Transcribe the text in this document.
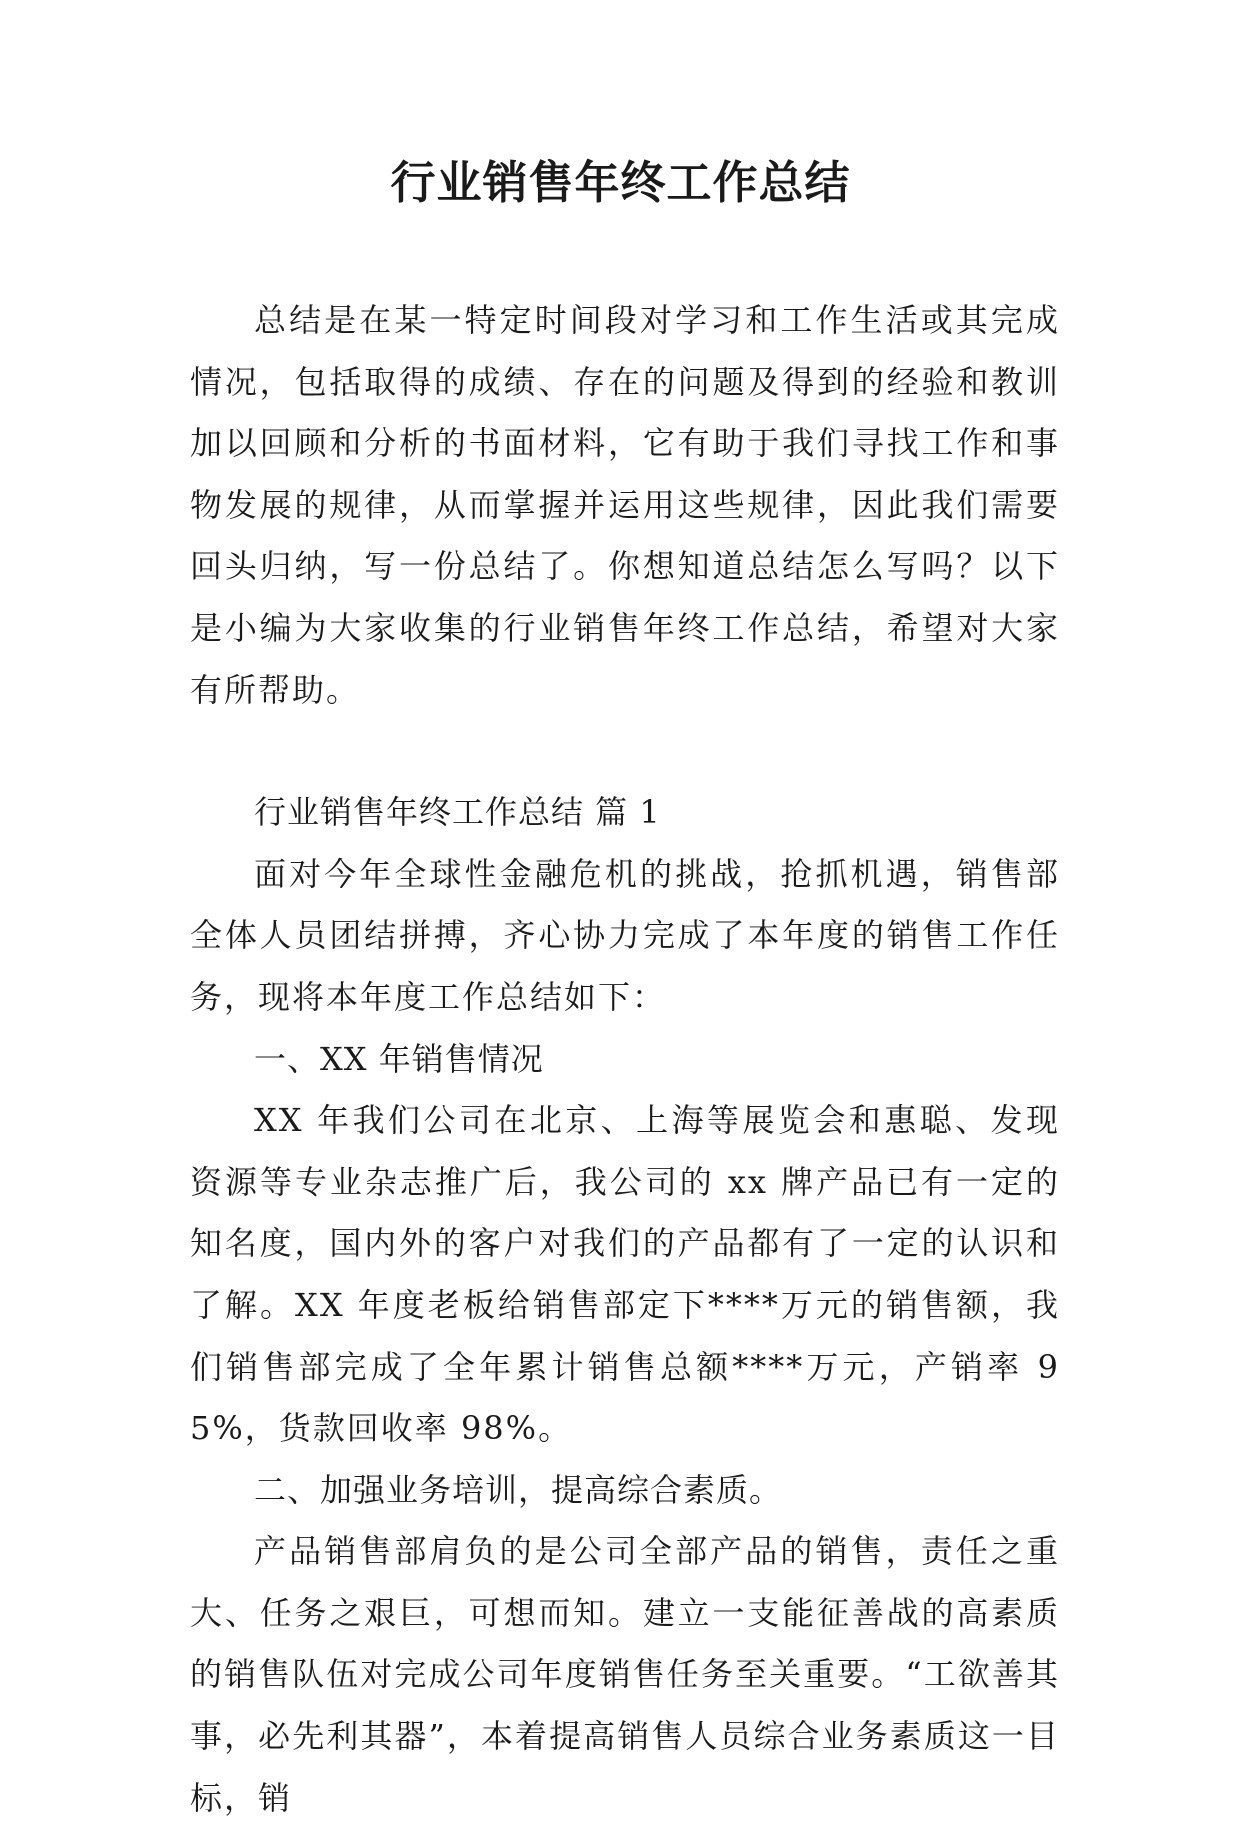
行业销售年终工作总结

总结是在某一特定时间段对学习和工作生活或其完成情况，包括取得的成绩、存在的问题及得到的经验和教训加以回顾和分析的书面材料，它有助于我们寻找工作和事物发展的规律，从而掌握并运用这些规律，因此我们需要回头归纳，写一份总结了。你想知道总结怎么写吗？以下是小编为大家收集的行业销售年终工作总结，希望对大家有所帮助。

行业销售年终工作总结 篇 1

面对今年全球性金融危机的挑战，抢抓机遇，销售部全体人员团结拼搏，齐心协力完成了本年度的销售工作任务，现将本年度工作总结如下：

一、XX 年销售情况

XX 年我们公司在北京、上海等展览会和惠聪、发现资源等专业杂志推广后，我公司的 xx 牌产品已有一定的知名度，国内外的客户对我们的产品都有了一定的认识和了解。XX 年度老板给销售部定下****万元的销售额，我们销售部完成了全年累计销售总额****万元，产销率 95%，货款回收率 98%。

二、加强业务培训，提高综合素质。

产品销售部肩负的是公司全部产品的销售，责任之重大、任务之艰巨，可想而知。建立一支能征善战的高素质的销售队伍对完成公司年度销售任务至关重要。“工欲善其事，必先利其器”，本着提高销售人员综合业务素质这一目标，销
